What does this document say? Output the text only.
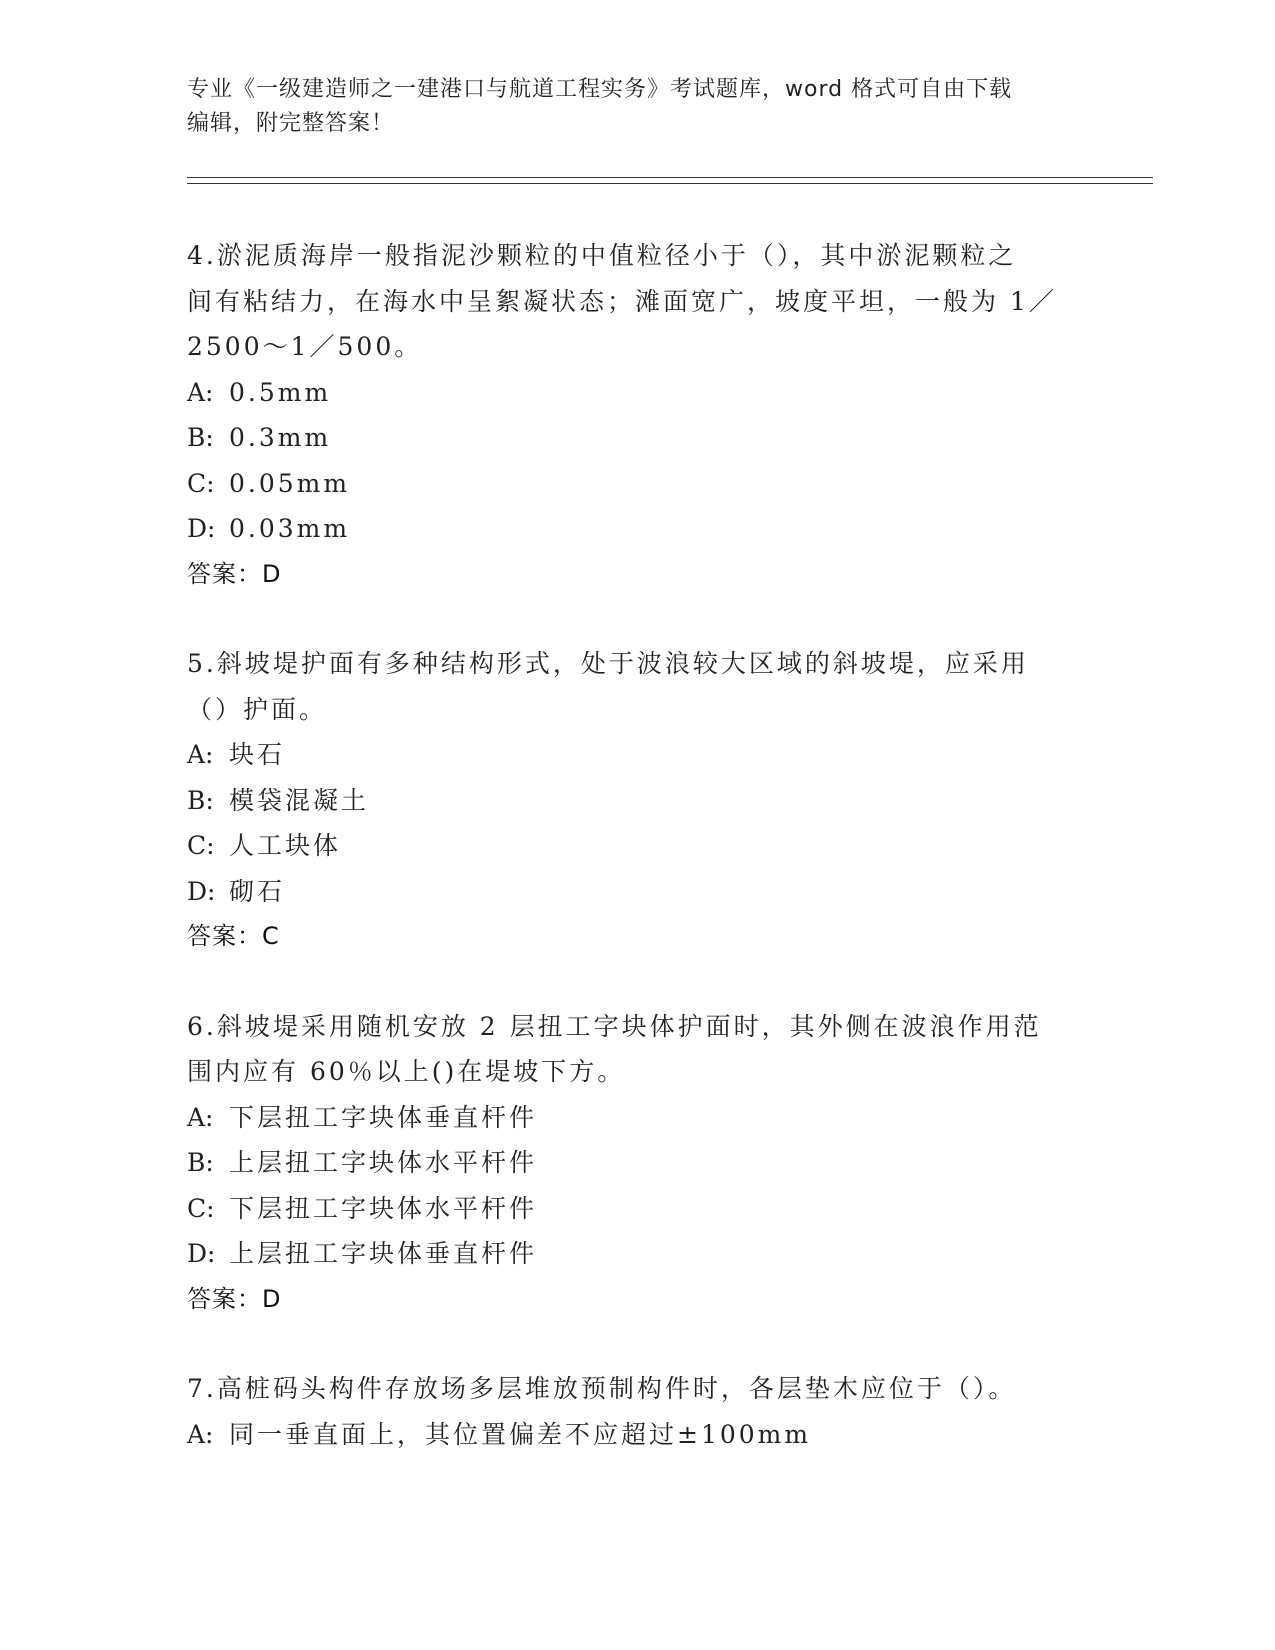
专业《一级建造师之一建港口与航道工程实务》考试题库，word 格式可自由下载
编辑，附完整答案！
4.淤泥质海岸一般指泥沙颗粒的中值粒径小于（），其中淤泥颗粒之
间有粘结力，在海水中呈絮凝状态；滩面宽广，坡度平坦，一般为 1／
2500～1／500。
A: 0.5mm
B: 0.3mm
C: 0.05mm
D: 0.03mm
答案：D
5.斜坡堤护面有多种结构形式，处于波浪较大区域的斜坡堤，应采用
（）护面。
A: 块石
B: 模袋混凝土
C: 人工块体
D: 砌石
答案：C
6.斜坡堤采用随机安放 2 层扭工字块体护面时，其外侧在波浪作用范
围内应有 60％以上()在堤坡下方。
A: 下层扭工字块体垂直杆件
B: 上层扭工字块体水平杆件
C: 下层扭工字块体水平杆件
D: 上层扭工字块体垂直杆件
答案：D
7.高桩码头构件存放场多层堆放预制构件时，各层垫木应位于（）。
A: 同一垂直面上，其位置偏差不应超过±100mm
